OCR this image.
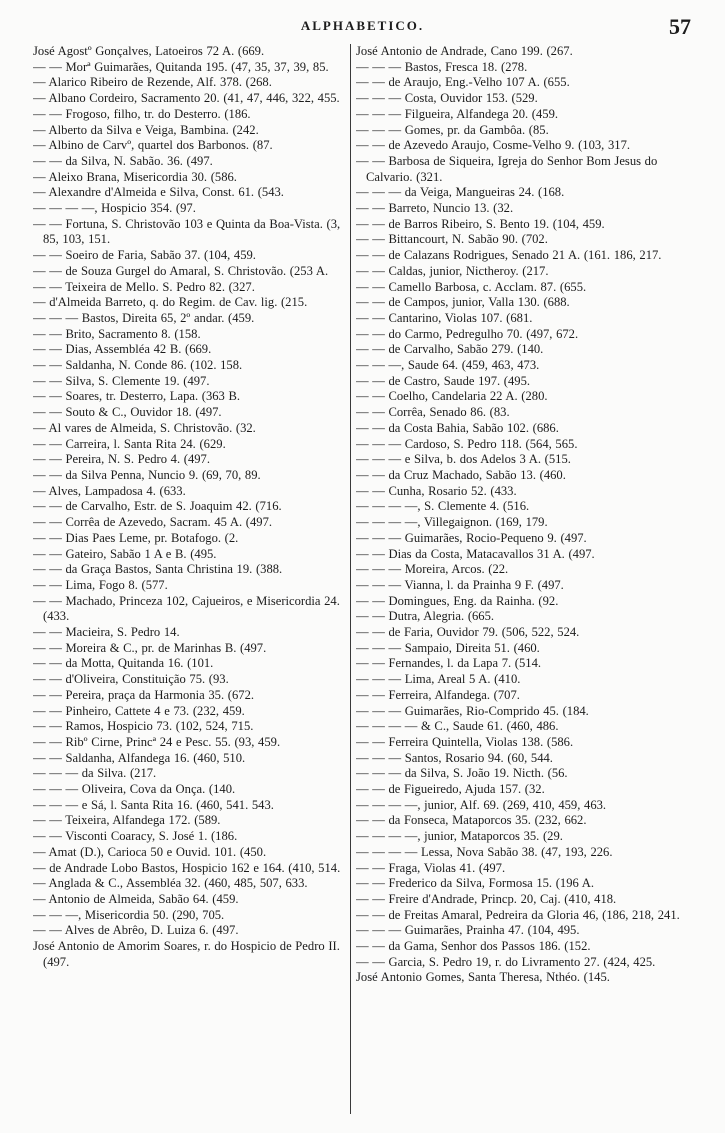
ALPHABETICO.	57
José Agostº Gonçalves, Latoeiros 72 A. (669.
— — Morª Guimarães, Quitanda 195. (47, 35, 37, 39, 85.
— Alarico Ribeiro de Rezende, Alf. 378. (268.
— Albano Cordeiro, Sacramento 20. (41, 47, 446, 322, 455.
— — Frogoso, filho, tr. do Desterro. (186.
— Alberto da Silva e Veiga, Bambina. (242.
— Albino de Carvº, quartel dos Barbonos. (87.
— — da Silva, N. Sabão. 36. (497.
— Aleixo Brana, Misericordia 30. (586.
— Alexandre d'Almeida e Silva, Const. 61. (543.
— — — —, Hospicio 354. (97.
— — Fortuna, S. Christovão 103 e Quinta da Boa-Vista. (3, 85, 103, 151.
— — Soeiro de Faria, Sabão 37. (104, 459.
— — de Souza Gurgel do Amaral, S. Christovão. (253 A.
— — Teixeira de Mello. S. Pedro 82. (327.
— d'Almeida Barreto, q. do Regim. de Cav. lig. (215.
— — — Bastos, Direita 65, 2º andar. (459.
— — Brito, Sacramento 8. (158.
— — Dias, Assembléa 42 B. (669.
— — Saldanha, N. Conde 86. (102. 158.
— — Silva, S. Clemente 19. (497.
— — Soares, tr. Desterro, Lapa. (363 B.
— — Souto & C., Ouvidor 18. (497.
— Al vares de Almeida, S. Christovão. (32.
— — Carreira, l. Santa Rita 24. (629.
— — Pereira, N. S. Pedro 4. (497.
— — da Silva Penna, Nuncio 9. (69, 70, 89.
— Alves, Lampadosa 4. (633.
— — de Carvalho, Estr. de S. Joaquim 42. (716.
— — Corrêa de Azevedo, Sacram. 45 A. (497.
— — Dias Paes Leme, pr. Botafogo. (2.
— — Gateiro, Sabão 1 A e B. (495.
— — da Graça Bastos, Santa Christina 19. (388.
— — Lima, Fogo 8. (577.
— — Machado, Princeza 102, Cajueiros, e Misericordia 24. (433.
— — Macieira, S. Pedro 14.
— — Moreira & C., pr. de Marinhas B. (497.
— — da Motta, Quitanda 16. (101.
— — d'Oliveira, Constituição 75. (93.
— — Pereira, praça da Harmonia 35. (672.
— — Pinheiro, Cattete 4 e 73. (232, 459.
— — Ramos, Hospicio 73. (102, 524, 715.
— — Ribº Cirne, Princª 24 e Pesc. 55. (93, 459.
— — Saldanha, Alfandega 16. (460, 510.
— — — da Silva. (217.
— — — Oliveira, Cova da Onça. (140.
— — — e Sá, l. Santa Rita 16. (460, 541. 543.
— — Teixeira, Alfandega 172. (589.
— — Visconti Coaracy, S. José 1. (186.
— Amat (D.), Carioca 50 e Ouvid. 101. (450.
— de Andrade Lobo Bastos, Hospicio 162 e 164. (410, 514.
— Anglada & C., Assembléa 32. (460, 485, 507, 633.
— Antonio de Almeida, Sabão 64. (459.
— — —, Misericordia 50. (290, 705.
— — Alves de Abrêo, D. Luiza 6. (497.
José Antonio de Amorim Soares, r. do Hospicio de Pedro II. (497.
José Antonio de Andrade, Cano 199. (267.
— — — Bastos, Fresca 18. (278.
— — de Araujo, Eng.-Velho 107 A. (655.
— — — Costa, Ouvidor 153. (529.
— — — Filgueira, Alfandega 20. (459.
— — — Gomes, pr. da Gambôa. (85.
— — de Azevedo Araujo, Cosme-Velho 9. (103, 317.
— — Barbosa de Siqueira, Igreja do Senhor Bom Jesus do Calvario. (321.
— — — da Veiga, Mangueiras 24. (168.
— — Barreto, Nuncio 13. (32.
— — de Barros Ribeiro, S. Bento 19. (104, 459.
— — Bittancourt, N. Sabão 90. (702.
— — de Calazans Rodrigues, Senado 21 A. (161. 186, 217.
— — Caldas, junior, Nictheroy. (217.
— — Camello Barbosa, c. Acclam. 87. (655.
— — de Campos, junior, Valla 130. (688.
— — Cantarino, Violas 107. (681.
— — do Carmo, Pedregulho 70. (497, 672.
— — de Carvalho, Sabão 279. (140.
— — —, Saude 64. (459, 463, 473.
— — de Castro, Saude 197. (495.
— — Coelho, Candelaria 22 A. (280.
— — Corrêa, Senado 86. (83.
— — da Costa Bahia, Sabão 102. (686.
— — — Cardoso, S. Pedro 118. (564, 565.
— — — e Silva, b. dos Adelos 3 A. (515.
— — da Cruz Machado, Sabão 13. (460.
— — Cunha, Rosario 52. (433.
— — — —, S. Clemente 4. (516.
— — — —, Villegaignon. (169, 179.
— — — Guimarães, Rocio-Pequeno 9. (497.
— — Dias da Costa, Matacavallos 31 A. (497.
— — — Moreira, Arcos. (22.
— — — Vianna, l. da Prainha 9 F. (497.
— — Domingues, Eng. da Rainha. (92.
— — Dutra, Alegria. (665.
— — de Faria, Ouvidor 79. (506, 522, 524.
— — — Sampaio, Direita 51. (460.
— — Fernandes, l. da Lapa 7. (514.
— — — Lima, Areal 5 A. (410.
— — Ferreira, Alfandega. (707.
— — — Guimarães, Rio-Comprido 45. (184.
— — — — & C., Saude 61. (460, 486.
— — Ferreira Quintella, Violas 138. (586.
— — — Santos, Rosario 94. (60, 544.
— — — da Silva, S. João 19. Nicth. (56.
— — de Figueiredo, Ajuda 157. (32.
— — — —, junior, Alf. 69. (269, 410, 459, 463.
— — da Fonseca, Mataporcos 35. (232, 662.
— — — —, junior, Mataporcos 35. (29.
— — — — Lessa, Nova Sabão 38. (47, 193, 226.
— — Fraga, Violas 41. (497.
— — Frederico da Silva, Formosa 15. (196 A.
— — Freire d'Andrade, Princp. 20, Caj. (410, 418.
— — de Freitas Amaral, Pedreira da Gloria 46, (186, 218, 241.
— — — Guimarães, Prainha 47. (104, 495.
— — da Gama, Senhor dos Passos 186. (152.
— — Garcia, S. Pedro 19, r. do Livramento 27. (424, 425.
José Antonio Gomes, Santa Theresa, Nthéo. (145.
